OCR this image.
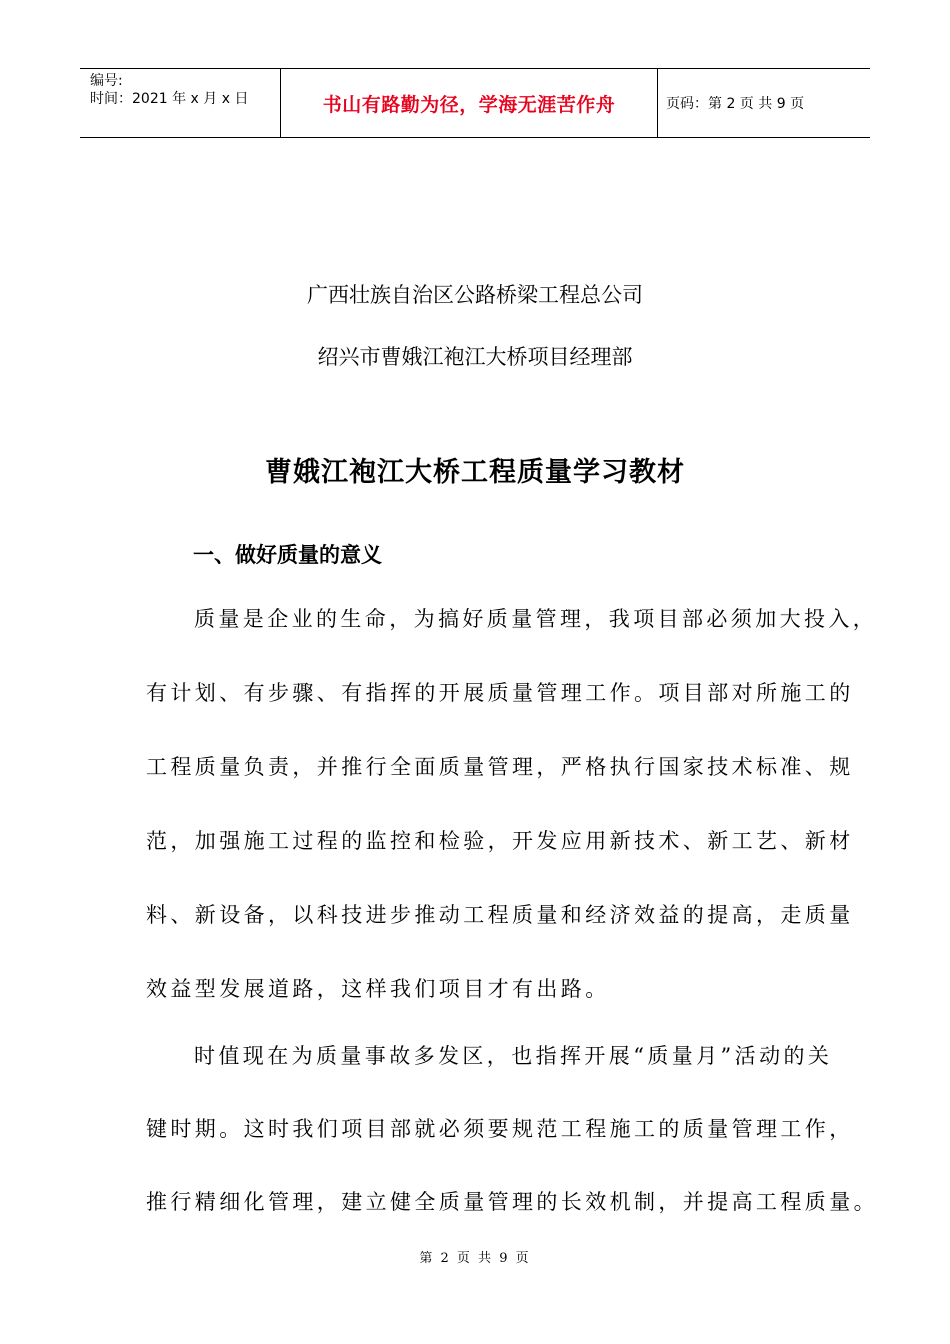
编号:
时间：2021 年 x 月 x 日	书山有路勤为径，学海无涯苦作舟	页码：第 2 页 共 9 页
广西壮族自治区公路桥梁工程总公司
绍兴市曹娥江袍江大桥项目经理部
曹娥江袍江大桥工程质量学习教材
一、做好质量的意义
质量是企业的生命，为搞好质量管理，我项目部必须加大投入，
有计划、有步骤、有指挥的开展质量管理工作。项目部对所施工的
工程质量负责，并推行全面质量管理，严格执行国家技术标准、规
范，加强施工过程的监控和检验，开发应用新技术、新工艺、新材
料、新设备，以科技进步推动工程质量和经济效益的提高，走质量
效益型发展道路，这样我们项目才有出路。
时值现在为质量事故多发区，也指挥开展“质量月”活动的关
键时期。这时我们项目部就必须要规范工程施工的质量管理工作，
推行精细化管理，建立健全质量管理的长效机制，并提高工程质量。
第 2 页 共 9 页
